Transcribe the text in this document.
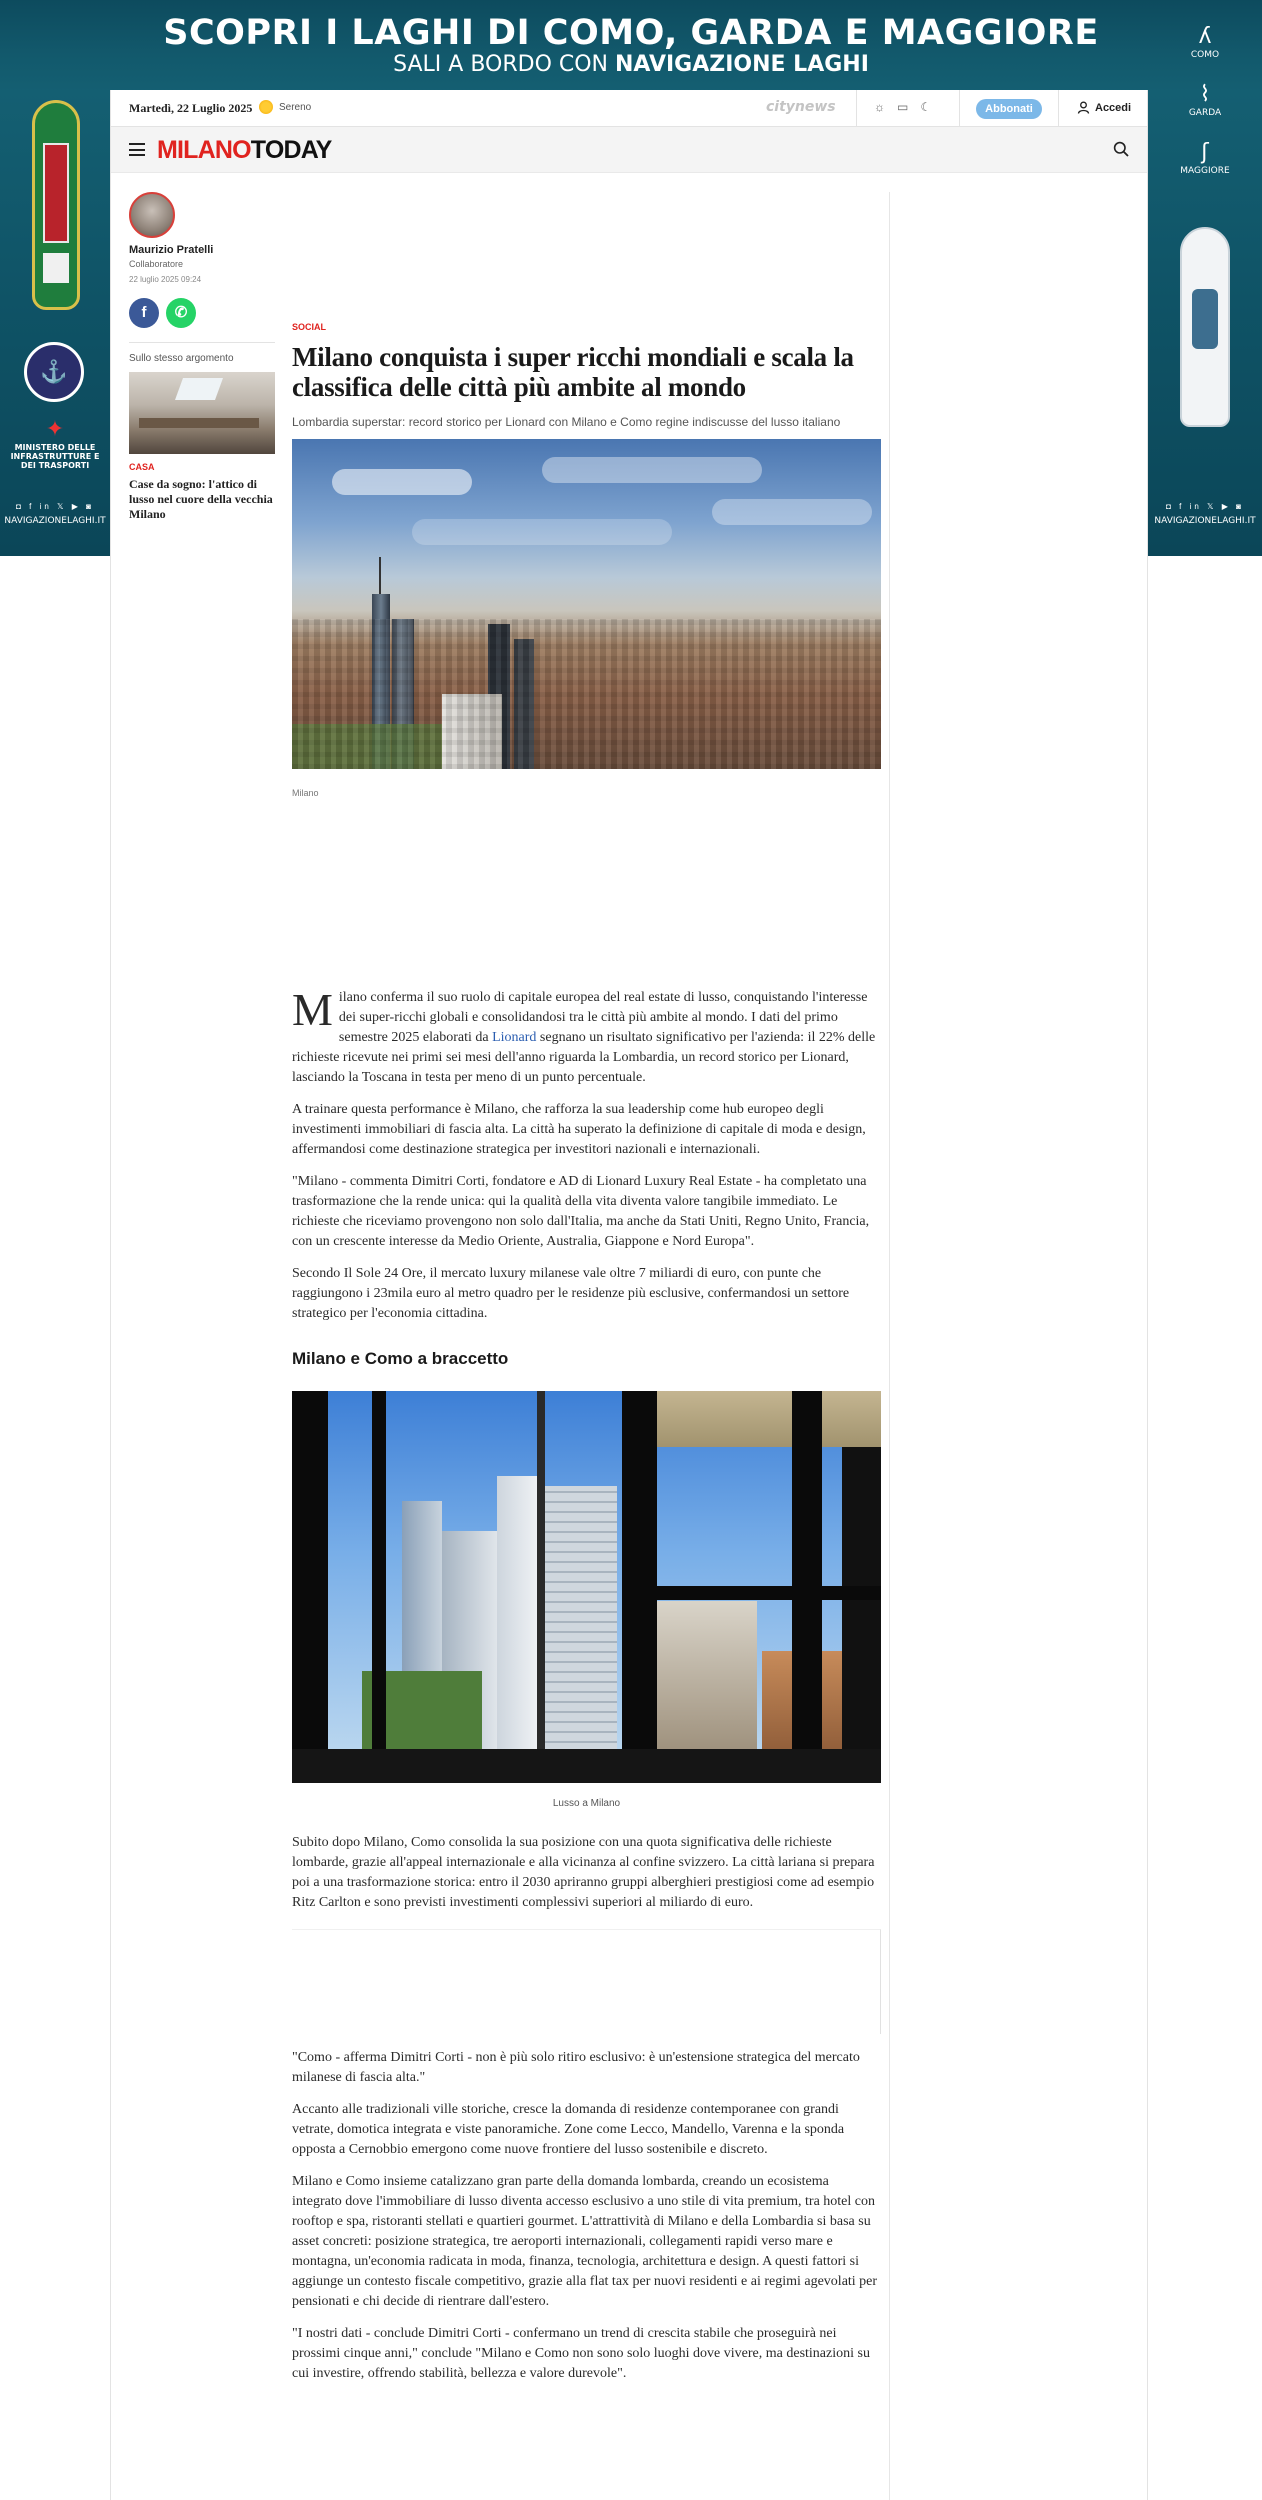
SCOPRI I LAGHI DI COMO, GARDA E MAGGIORE
SALI A BORDO CON NAVIGAZIONE LAGHI
⚓
✦
MINISTERO DELLE INFRASTRUTTURE E DEI TRASPORTI
◘ f in 𝕏 ▶ ◙
NAVIGAZIONELAGHI.IT
ʎ
COMO
⌇
GARDA
ʃ
MAGGIORE
◘ f in 𝕏 ▶ ◙
NAVIGAZIONELAGHI.IT
Martedì, 22 Luglio 2025	Sereno	citynews	☼ ▭ ☾	Abbonati	Accedi
MILANOTODAY
Maurizio Pratelli
Collaboratore
22 luglio 2025 09:24
f	✆
Sullo stesso argomento
CASA
Case da sogno: l'attico di lusso nel cuore della vecchia Milano
SOCIAL
Milano conquista i super ricchi mondiali e scala la classifica delle città più ambite al mondo
Lombardia superstar: record storico per Lionard con Milano e Como regine indiscusse del lusso italiano
Milano

Milano conferma il suo ruolo di capitale europea del real estate di lusso, conquistando l'interesse dei super-ricchi globali e consolidandosi tra le città più ambite al mondo. I dati del primo semestre 2025 elaborati da Lionard segnano un risultato significativo per l'azienda: il 22% delle richieste ricevute nei primi sei mesi dell'anno riguarda la Lombardia, un record storico per Lionard, lasciando la Toscana in testa per meno di un punto percentuale.

A trainare questa performance è Milano, che rafforza la sua leadership come hub europeo degli investimenti immobiliari di fascia alta. La città ha superato la definizione di capitale di moda e design, affermandosi come destinazione strategica per investitori nazionali e internazionali.

"Milano - commenta Dimitri Corti, fondatore e AD di Lionard Luxury Real Estate - ha completato una trasformazione che la rende unica: qui la qualità della vita diventa valore tangibile immediato. Le richieste che riceviamo provengono non solo dall'Italia, ma anche da Stati Uniti, Regno Unito, Francia, con un crescente interesse da Medio Oriente, Australia, Giappone e Nord Europa".

Secondo Il Sole 24 Ore, il mercato luxury milanese vale oltre 7 miliardi di euro, con punte che raggiungono i 23mila euro al metro quadro per le residenze più esclusive, confermandosi un settore strategico per l'economia cittadina.

Milano e Como a braccetto
Lusso a Milano
Subito dopo Milano, Como consolida la sua posizione con una quota significativa delle richieste lombarde, grazie all'appeal internazionale e alla vicinanza al confine svizzero. La città lariana si prepara poi a una trasformazione storica: entro il 2030 apriranno gruppi alberghieri prestigiosi come ad esempio Ritz Carlton e sono previsti investimenti complessivi superiori al miliardo di euro.

"Como - afferma Dimitri Corti - non è più solo ritiro esclusivo: è un'estensione strategica del mercato milanese di fascia alta."

Accanto alle tradizionali ville storiche, cresce la domanda di residenze contemporanee con grandi vetrate, domotica integrata e viste panoramiche. Zone come Lecco, Mandello, Varenna e la sponda opposta a Cernobbio emergono come nuove frontiere del lusso sostenibile e discreto.

Milano e Como insieme catalizzano gran parte della domanda lombarda, creando un ecosistema integrato dove l'immobiliare di lusso diventa accesso esclusivo a uno stile di vita premium, tra hotel con rooftop e spa, ristoranti stellati e quartieri gourmet. L'attrattività di Milano e della Lombardia si basa su asset concreti: posizione strategica, tre aeroporti internazionali, collegamenti rapidi verso mare e montagna, un'economia radicata in moda, finanza, tecnologia, architettura e design. A questi fattori si aggiunge un contesto fiscale competitivo, grazie alla flat tax per nuovi residenti e ai regimi agevolati per pensionati e chi decide di rientrare dall'estero.

"I nostri dati - conclude Dimitri Corti - confermano un trend di crescita stabile che proseguirà nei prossimi cinque anni," conclude "Milano e Como non sono solo luoghi dove vivere, ma destinazioni su cui investire, offrendo stabilità, bellezza e valore durevole".
